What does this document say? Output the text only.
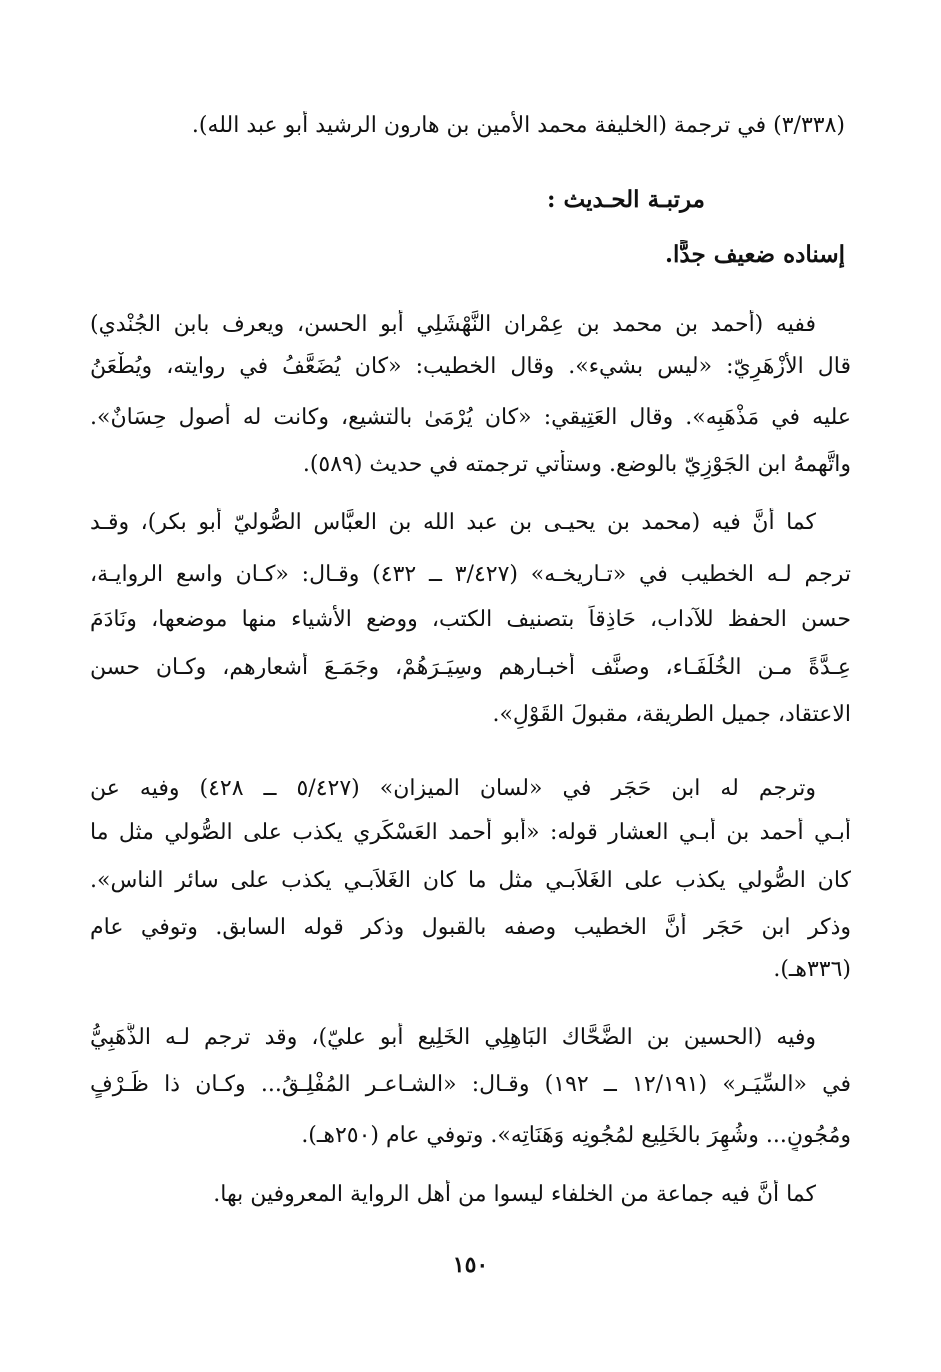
(٣/٣٣٨) في ترجمة (الخليفة محمد الأمين بن هارون الرشيد أبو عبد الله).
مرتبـة الحـديث :
إسناده ضعيف جدًّا.
ففيه (أحمد بن محمد بن عِمْران النَّهْشَلِي أبو الحسن، ويعرف بابن الجُنْدي)
قال الأَزْهَرِيّ: «ليس بشيء». وقال الخطيب: «كان يُضَعَّفُ في روايته، ويُطْعَنُ
عليه في مَذْهَبِه». وقال العَتِيقي: «كان يُرْمَىٰ بالتشيع، وكانت له أصول حِسَانٌ».
واتَّهمهُ ابن الجَوْزِيّ بالوضع. وستأتي ترجمته في حديث (٥٨٩).
كما أنَّ فيه (محمد بن يحيـى بن عبد الله بن العبَّاس الصُّوليّ أبو بكر)، وقـد
ترجم لـه الخطيب في «تـاريخـه» (٣/٤٢٧ ــ ٤٣٢) وقـال: «كـان واسع الروايـة،
حسن الحفظ للآداب، حَاذِقاً بتصنيف الكتب، ووضع الأشياء منها موضعها، ونَادَمَ
عِـدَّةً مـن الخُلَفَـاء، وصنَّف أخبـارهم وسِيَـرَهُمْ، وجَمَـعَ أشعارهم، وكـان حسن
الاعتقاد، جميل الطريقة، مقبولَ القَوْلِ».
وترجم له ابن حَجَر في «لسان الميزان» (٥/٤٢٧ ــ ٤٢٨) وفيه عن
أبـي أحمد بن أبـي العشار قوله: «أبو أحمد العَسْكَري يكذب على الصُّولي مثل ما
كان الصُّولي يكذب على الغَلاَبـي مثل ما كان الغَلاَبـي يكذب على سائر الناس».
وذكر ابن حَجَر أنَّ الخطيب وصفه بالقبول وذكر قوله السابق. وتوفي عام
(٣٣٦هـ).
وفيه (الحسين بن الضَّحَّاك البَاهِلِي الخَلِيع أبو عليّ)، وقد ترجم لـه الذَّهَبِيُّ
في «السِّيَـر» (١٢/١٩١ ــ ١٩٢) وقـال: «الشـاعـر المُفْلِـقُ... وكـان ذا ظَـرْفٍ
ومُجُونٍ... وشُهِرَ بالخَلِيع لمُجُونِه وَهَنَاتِه». وتوفي عام (٢٥٠هـ).
كما أنَّ فيه جماعة من الخلفاء ليسوا من أهل الرواية المعروفين بها.
١٥٠
